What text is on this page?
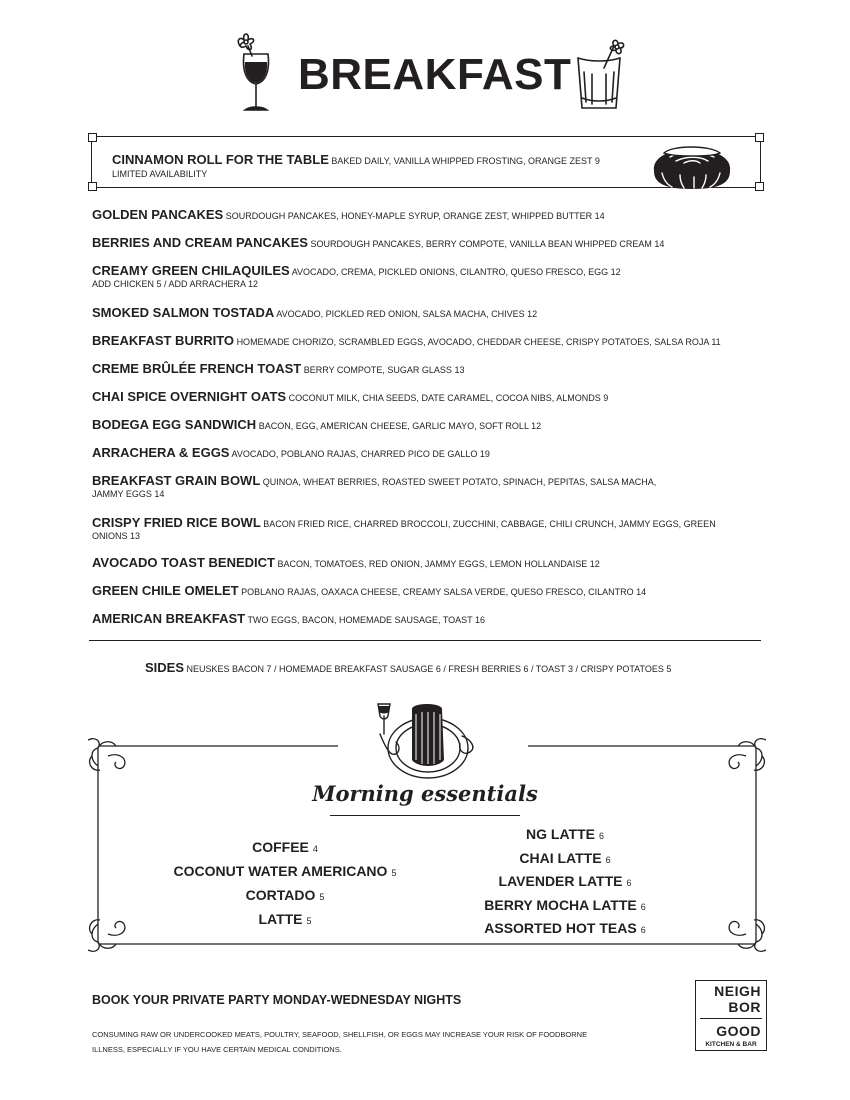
BREAKFAST
CINNAMON ROLL FOR THE TABLE BAKED DAILY, VANILLA WHIPPED FROSTING, ORANGE ZEST 9
LIMITED AVAILABILITY
GOLDEN PANCAKES SOURDOUGH PANCAKES, HONEY-MAPLE SYRUP, ORANGE ZEST, WHIPPED BUTTER 14
BERRIES AND CREAM PANCAKES SOURDOUGH PANCAKES, BERRY COMPOTE, VANILLA BEAN WHIPPED CREAM 14
CREAMY GREEN CHILAQUILES AVOCADO, CREMA, PICKLED ONIONS, CILANTRO, QUESO FRESCO, EGG 12
ADD CHICKEN 5 / ADD ARRACHERA 12
SMOKED SALMON TOSTADA AVOCADO, PICKLED RED ONION, SALSA MACHA, CHIVES 12
BREAKFAST BURRITO HOMEMADE CHORIZO, SCRAMBLED EGGS, AVOCADO, CHEDDAR CHEESE, CRISPY POTATOES, SALSA ROJA 11
CREME BRÛLÉE FRENCH TOAST BERRY COMPOTE, SUGAR GLASS 13
CHAI SPICE OVERNIGHT OATS COCONUT MILK, CHIA SEEDS, DATE CARAMEL, COCOA NIBS, ALMONDS 9
BODEGA EGG SANDWICH BACON, EGG, AMERICAN CHEESE, GARLIC MAYO, SOFT ROLL 12
ARRACHERA & EGGS AVOCADO, POBLANO RAJAS, CHARRED PICO DE GALLO 19
BREAKFAST GRAIN BOWL QUINOA, WHEAT BERRIES, ROASTED SWEET POTATO, SPINACH, PEPITAS, SALSA MACHA,
JAMMY EGGS 14
CRISPY FRIED RICE BOWL BACON FRIED RICE, CHARRED BROCCOLI, ZUCCHINI, CABBAGE, CHILI CRUNCH, JAMMY EGGS, GREEN
ONIONS 13
AVOCADO TOAST BENEDICT BACON, TOMATOES, RED ONION, JAMMY EGGS, LEMON HOLLANDAISE 12
GREEN CHILE OMELET POBLANO RAJAS, OAXACA CHEESE, CREAMY SALSA VERDE, QUESO FRESCO, CILANTRO 14
AMERICAN BREAKFAST TWO EGGS, BACON, HOMEMADE SAUSAGE, TOAST 16
SIDES NEUSKES BACON 7 / HOMEMADE BREAKFAST SAUSAGE 6 / FRESH BERRIES 6 / TOAST 3 / CRISPY POTATOES 5
Morning essentials
COFFEE 4
COCONUT WATER AMERICANO 5
CORTADO 5
LATTE 5
NG LATTE 6
CHAI LATTE 6
LAVENDER LATTE 6
BERRY MOCHA LATTE 6
ASSORTED HOT TEAS 6
BOOK YOUR PRIVATE PARTY MONDAY-WEDNESDAY NIGHTS
CONSUMING RAW OR UNDERCOOKED MEATS, POULTRY, SEAFOOD, SHELLFISH, OR EGGS MAY INCREASE YOUR RISK OF FOODBORNE
ILLNESS, ESPECIALLY IF YOU HAVE CERTAIN MEDICAL CONDITIONS.
NEIGH
BOR
GOOD
KITCHEN & BAR
